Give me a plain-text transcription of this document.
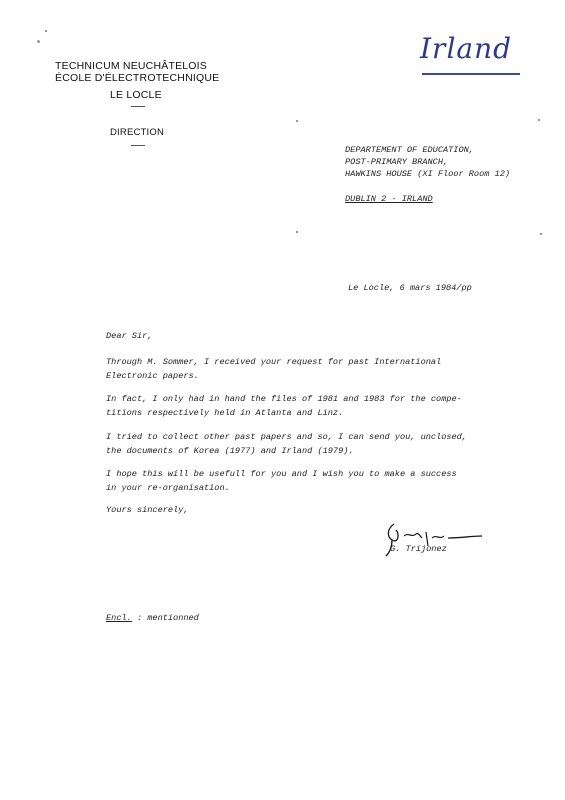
TECHNICUM NEUCHÂTELOIS
ÉCOLE D'ÉLECTROTECHNIQUE
LE LOCLE
DIRECTION
Irland
DEPARTEMENT OF EDUCATION,
POST-PRIMARY BRANCH,
HAWKINS HOUSE (XI Floor Room 12)
DUBLIN 2 - IRLAND
Le Locle, 6 mars 1984/pp
Dear Sir,
Through M. Sommer, I received your request for past International
Electronic papers.
In fact, I only had in hand the files of 1981 and 1983 for the compe-
titions respectively held in Atlanta and Linz.
I tried to collect other past papers and so, I can send you, unclosed,
the documents of Korea (1977) and Irland (1979).
I hope this will be usefull for you and I wish you to make a success
in your re-organisation.
Yours sincerely,
G. Trijonez
Encl. : mentionned
